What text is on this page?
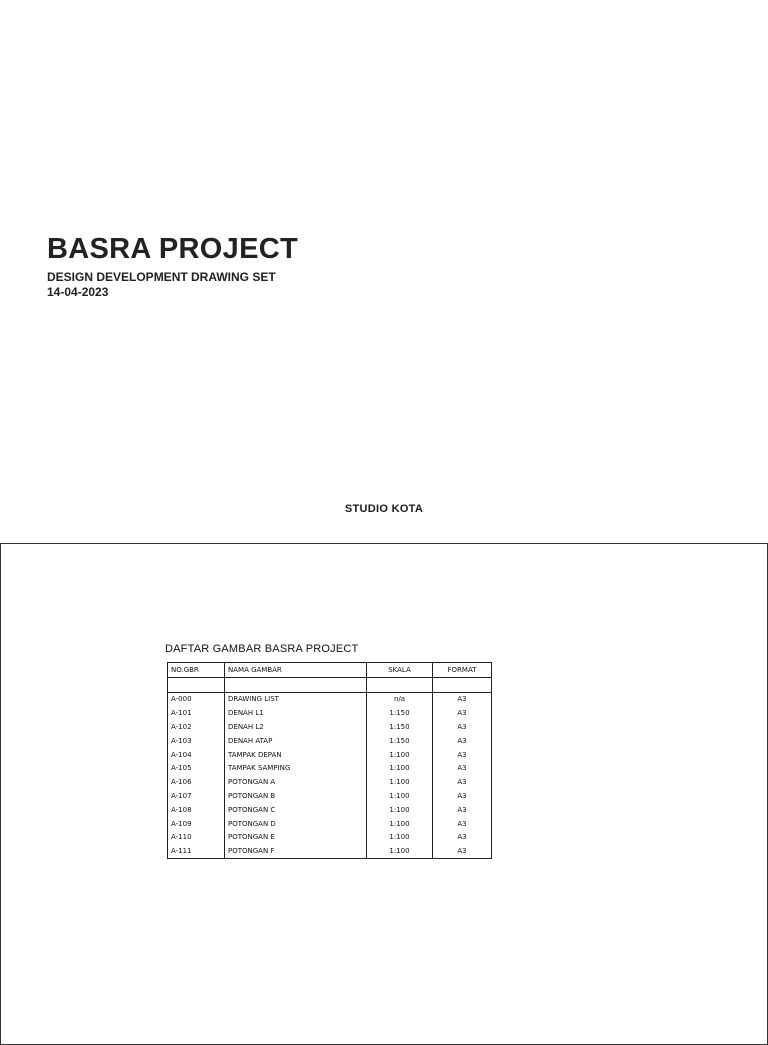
BASRA PROJECT

DESIGN DEVELOPMENT DRAWING SET

14-04-2023

STUDIO KOTA

DAFTAR GAMBAR BASRA PROJECT

NO.GBR	NAMA GAMBAR	SKALA	FORMAT

A-000	DRAWING LIST	n/a	A3
A-101	DENAH L1	1:150	A3
A-102	DENAH L2	1:150	A3
A-103	DENAH ATAP	1:150	A3
A-104	TAMPAK DEPAN	1:100	A3
A-105	TAMPAK SAMPING	1:100	A3
A-106	POTONGAN A	1:100	A3
A-107	POTONGAN B	1:100	A3
A-108	POTONGAN C	1:100	A3
A-109	POTONGAN D	1:100	A3
A-110	POTONGAN E	1:100	A3
A-111	POTONGAN F	1:100	A3
